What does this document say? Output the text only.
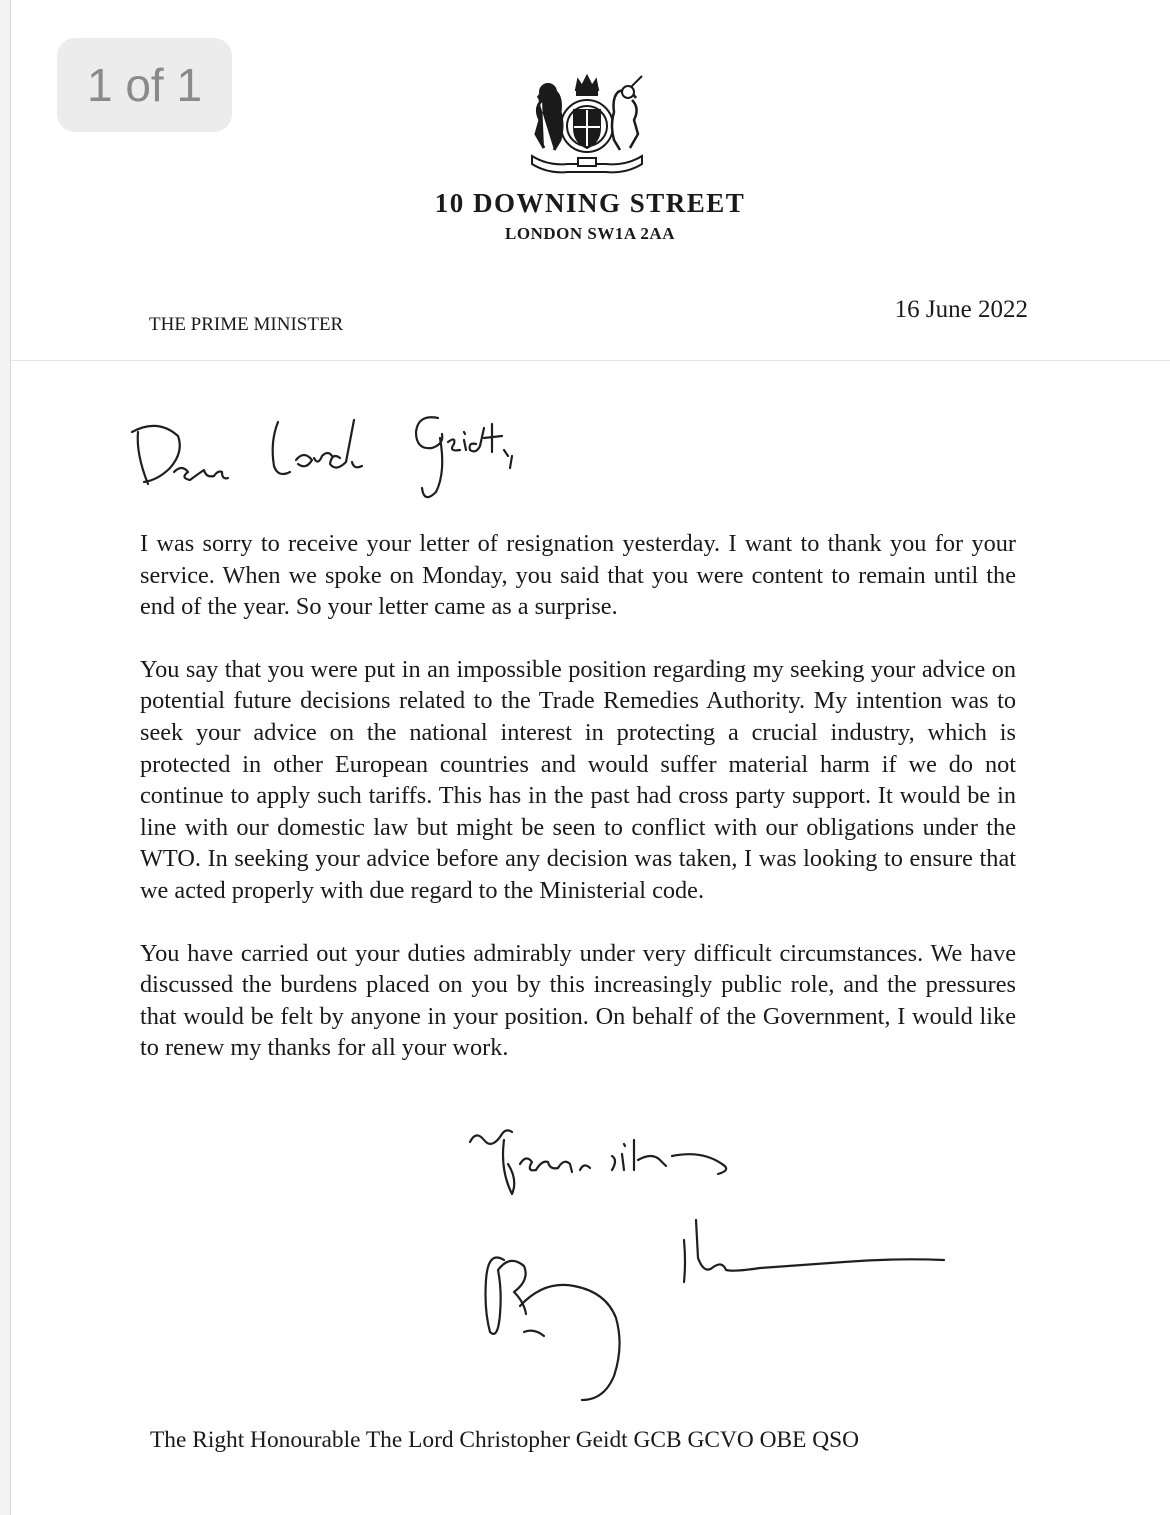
1 of 1
10 DOWNING STREET
LONDON SW1A 2AA
THE PRIME MINISTER
16 June 2022

I was sorry to receive your letter of resignation yesterday. I want to thank you for your service. When we spoke on Monday, you said that you were content to remain until the end of the year. So your letter came as a surprise.

You say that you were put in an impossible position regarding my seeking your advice on potential future decisions related to the Trade Remedies Authority. My intention was to seek your advice on the national interest in protecting a crucial industry, which is protected in other European countries and would suffer material harm if we do not continue to apply such tariffs. This has in the past had cross party support. It would be in line with our domestic law but might be seen to conflict with our obligations under the WTO. In seeking your advice before any decision was taken, I was looking to ensure that we acted properly with due regard to the Ministerial code.

You have carried out your duties admirably under very difficult circumstances. We have discussed the burdens placed on you by this increasingly public role, and the pressures that would be felt by anyone in your position. On behalf of the Government, I would like to renew my thanks for all your work.

The Right Honourable The Lord Christopher Geidt GCB GCVO OBE QSO
